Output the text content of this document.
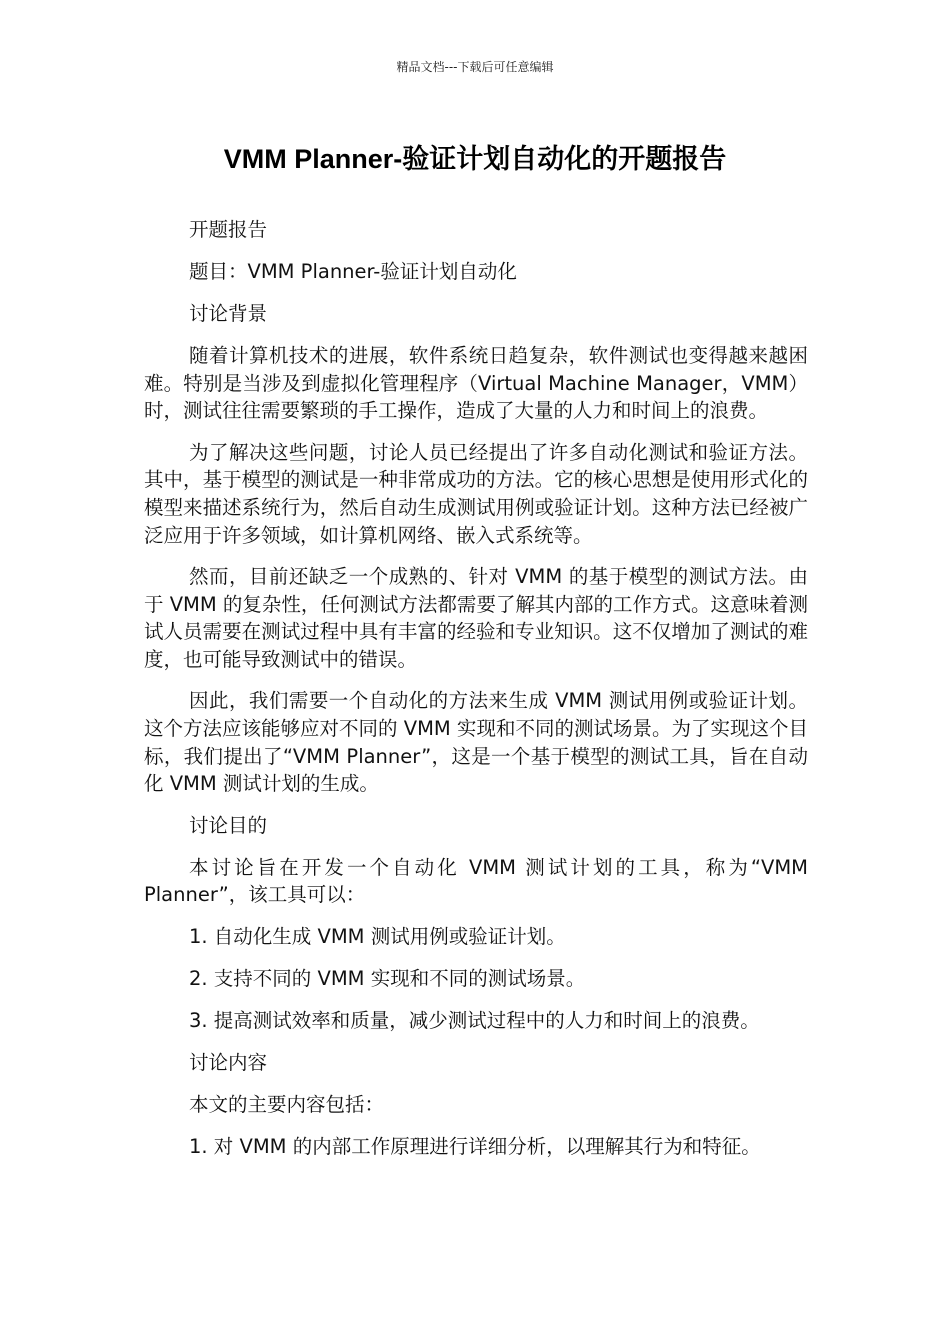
精品文档---下载后可任意编辑
VMM Planner-验证计划自动化的开题报告

开题报告

题目：VMM Planner-验证计划自动化

讨论背景

随着计算机技术的进展，软件系统日趋复杂，软件测试也变得越来越困难。特别是当涉及到虚拟化管理程序（Virtual Machine Manager，VMM）时，测试往往需要繁琐的手工操作，造成了大量的人力和时间上的浪费。

为了解决这些问题，讨论人员已经提出了许多自动化测试和验证方法。其中，基于模型的测试是一种非常成功的方法。它的核心思想是使用形式化的模型来描述系统行为，然后自动生成测试用例或验证计划。这种方法已经被广泛应用于许多领域，如计算机网络、嵌入式系统等。

然而，目前还缺乏一个成熟的、针对 VMM 的基于模型的测试方法。由于 VMM 的复杂性，任何测试方法都需要了解其内部的工作方式。这意味着测试人员需要在测试过程中具有丰富的经验和专业知识。这不仅增加了测试的难度，也可能导致测试中的错误。

因此，我们需要一个自动化的方法来生成 VMM 测试用例或验证计划。这个方法应该能够应对不同的 VMM 实现和不同的测试场景。为了实现这个目标，我们提出了“VMM Planner”，这是一个基于模型的测试工具，旨在自动化 VMM 测试计划的生成。

讨论目的

本讨论旨在开发一个自动化 VMM 测试计划的工具，称为“VMM Planner”，该工具可以：

1. 自动化生成 VMM 测试用例或验证计划。

2. 支持不同的 VMM 实现和不同的测试场景。

3. 提高测试效率和质量，减少测试过程中的人力和时间上的浪费。

讨论内容

本文的主要内容包括：

1. 对 VMM 的内部工作原理进行详细分析，以理解其行为和特征。
